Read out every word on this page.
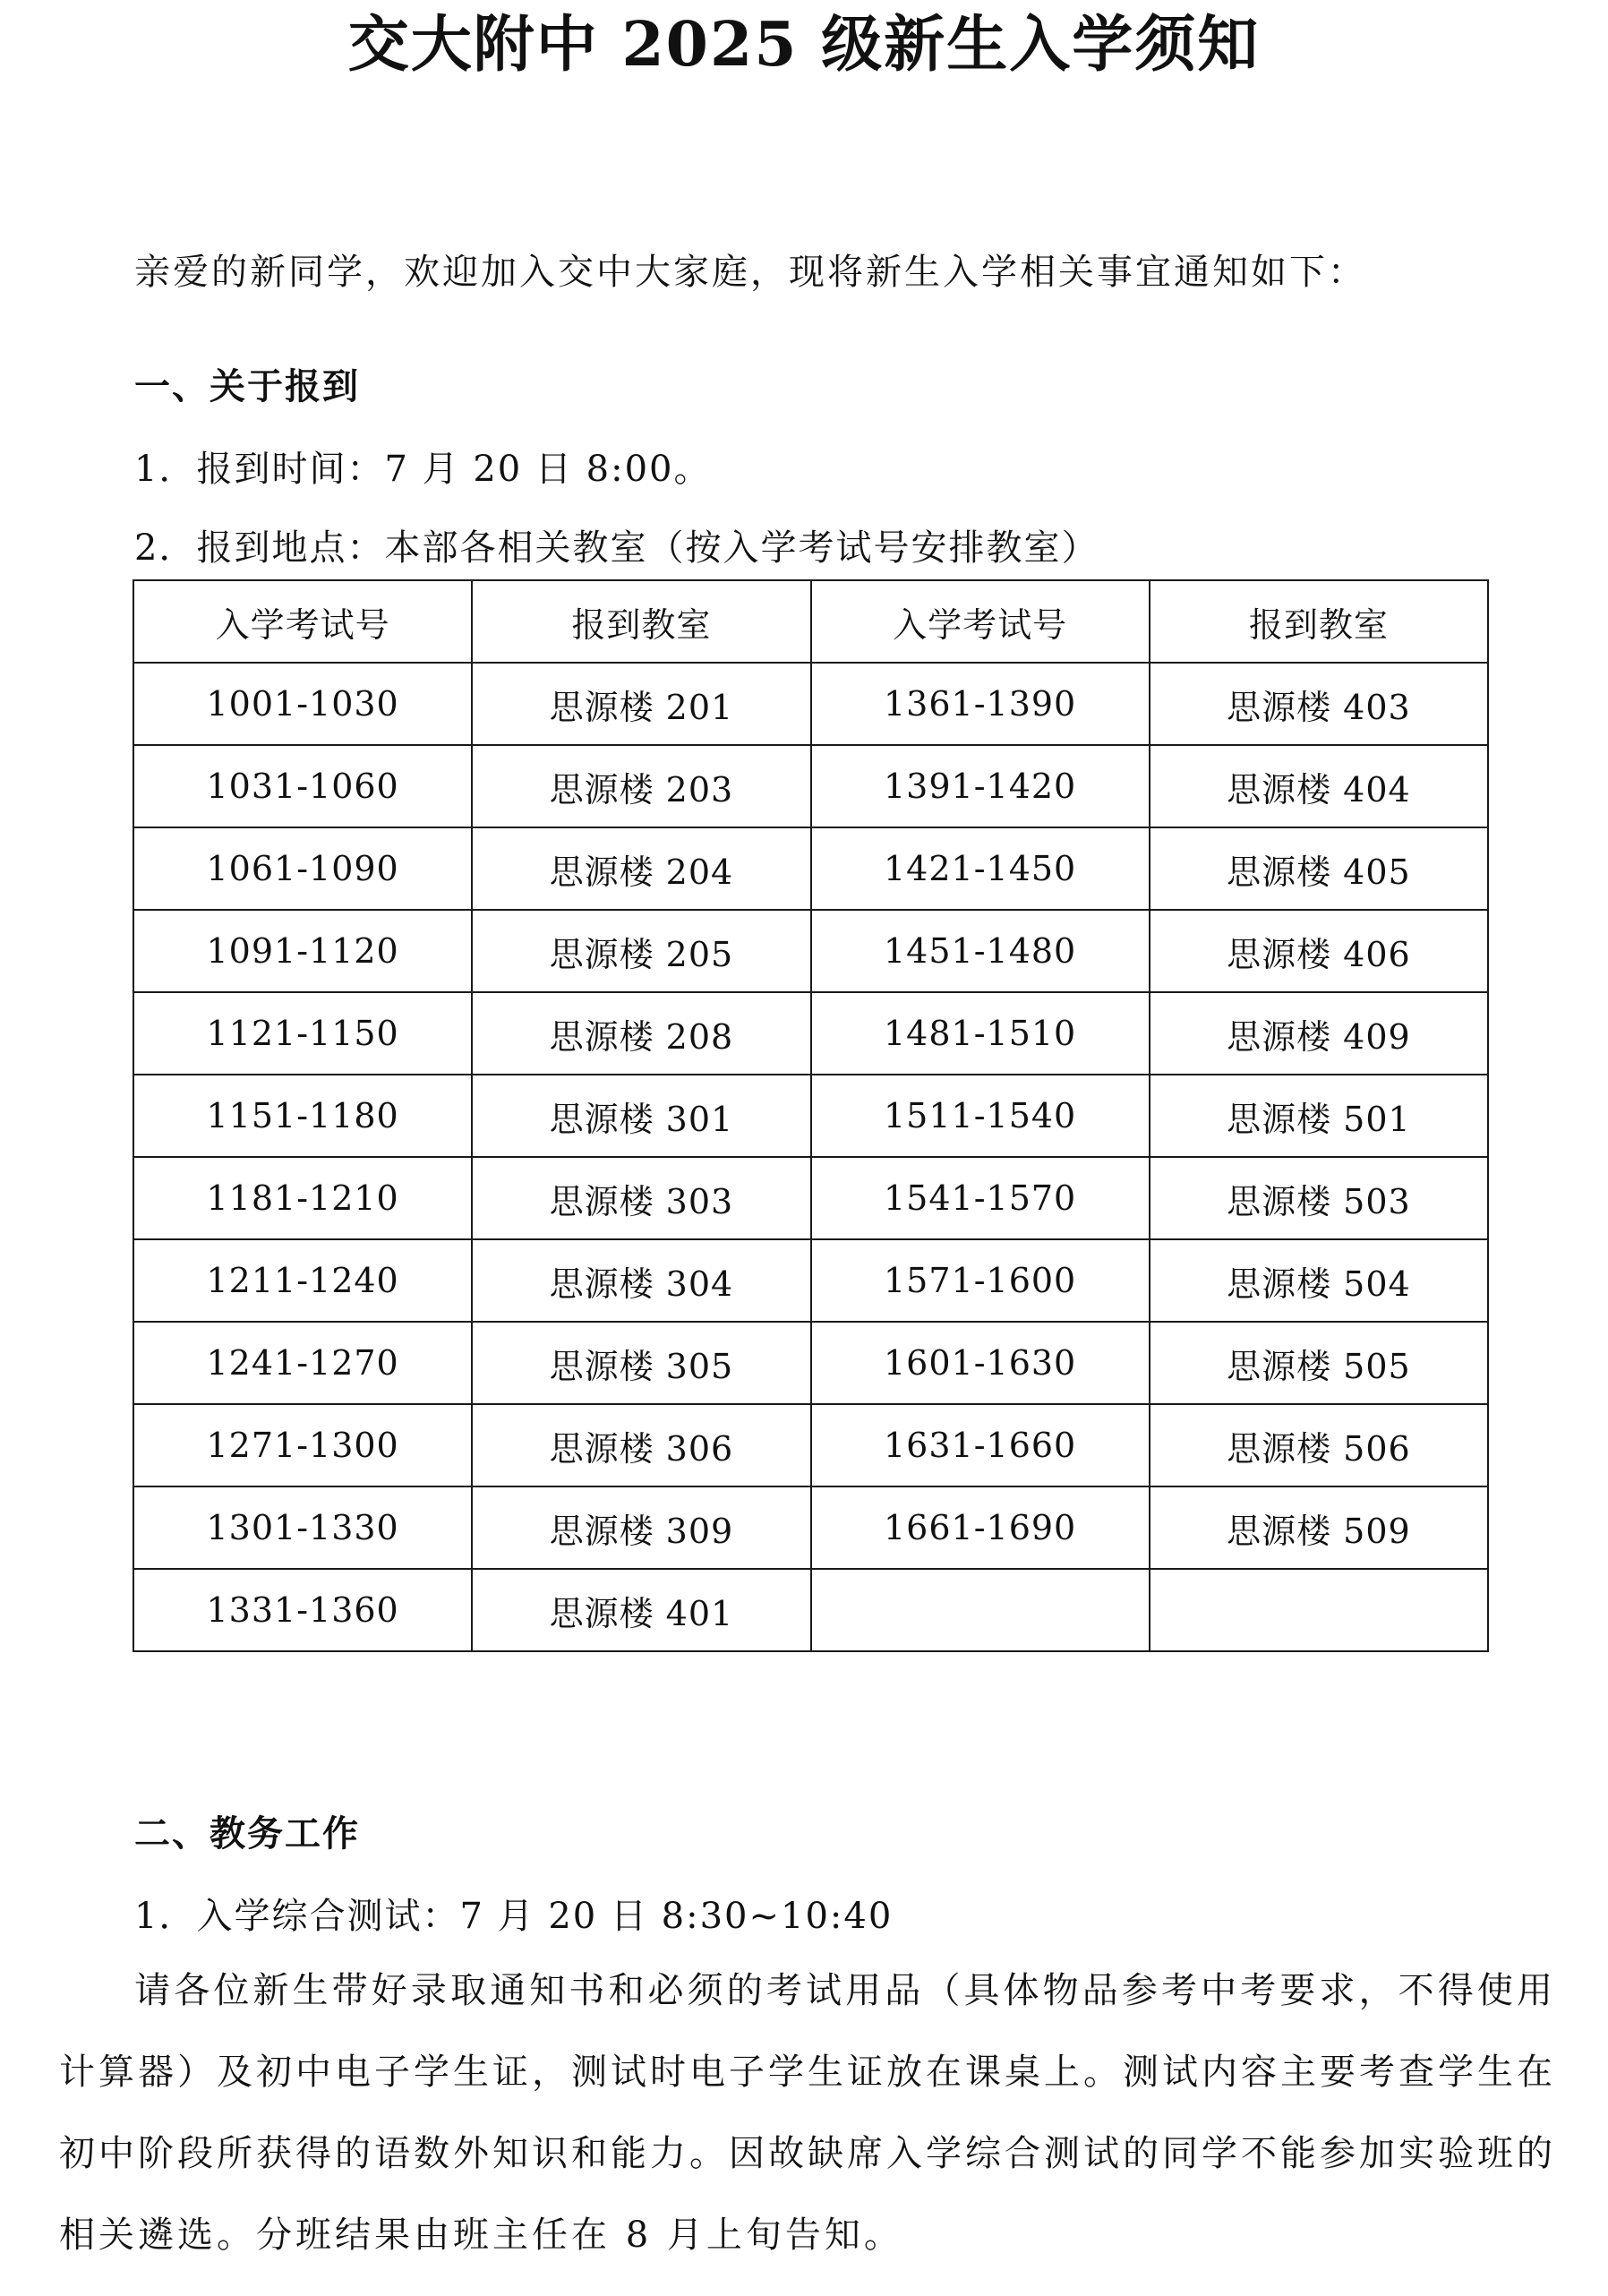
交大附中 2025 级新生入学须知
亲爱的新同学，欢迎加入交中大家庭，现将新生入学相关事宜通知如下：
一、关于报到
1．报到时间：7 月 20 日 8:00。
2．报到地点：本部各相关教室（按入学考试号安排教室）
入学考试号	报到教室	入学考试号	报到教室
1001-1030	思源楼 201	1361-1390	思源楼 403
1031-1060	思源楼 203	1391-1420	思源楼 404
1061-1090	思源楼 204	1421-1450	思源楼 405
1091-1120	思源楼 205	1451-1480	思源楼 406
1121-1150	思源楼 208	1481-1510	思源楼 409
1151-1180	思源楼 301	1511-1540	思源楼 501
1181-1210	思源楼 303	1541-1570	思源楼 503
1211-1240	思源楼 304	1571-1600	思源楼 504
1241-1270	思源楼 305	1601-1630	思源楼 505
1271-1300	思源楼 306	1631-1660	思源楼 506
1301-1330	思源楼 309	1661-1690	思源楼 509
1331-1360	思源楼 401		
二、教务工作
1．入学综合测试：7 月 20 日 8:30~10:40
请各位新生带好录取通知书和必须的考试用品（具体物品参考中考要求，不得使用计算器）及初中电子学生证，测试时电子学生证放在课桌上。测试内容主要考查学生在初中阶段所获得的语数外知识和能力。因故缺席入学综合测试的同学不能参加实验班的相关遴选。分班结果由班主任在 8 月上旬告知。
